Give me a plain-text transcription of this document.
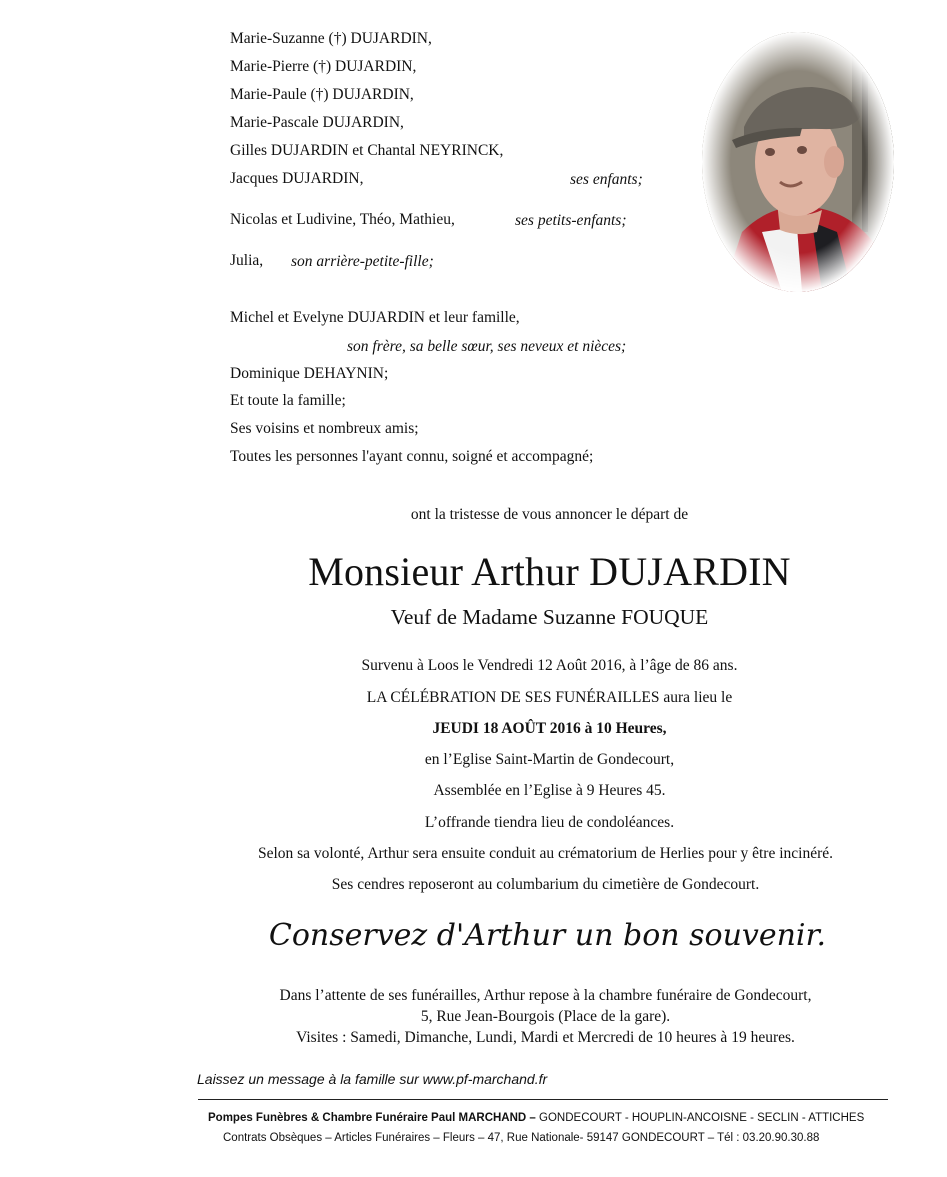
Marie-Suzanne (†) DUJARDIN,
Marie-Pierre (†) DUJARDIN,
Marie-Paule (†) DUJARDIN,
Marie-Pascale DUJARDIN,
Gilles DUJARDIN et Chantal NEYRINCK,
Jacques DUJARDIN,	ses enfants;
Nicolas et Ludivine, Théo, Mathieu,	ses petits-enfants;
Julia, son arrière-petite-fille;
Michel et Evelyne DUJARDIN et leur famille,
son frère, sa belle sœur, ses neveux et nièces;
Dominique DEHAYNIN;
Et toute la famille;
Ses voisins et nombreux amis;
Toutes les personnes l'ayant connu, soigné et accompagné;
ont la tristesse de vous annoncer le départ de
Monsieur Arthur DUJARDIN
Veuf de Madame Suzanne FOUQUE
Survenu à Loos le Vendredi 12 Août 2016, à l’âge de 86 ans.
LA CÉLÉBRATION DE SES FUNÉRAILLES aura lieu le
JEUDI 18 AOÛT 2016 à 10 Heures,
en l’Eglise Saint-Martin de Gondecourt,
Assemblée en l’Eglise à 9 Heures 45.
L’offrande tiendra lieu de condoléances.
Selon sa volonté, Arthur sera ensuite conduit au crématorium de Herlies pour y être incinéré.
Ses cendres reposeront au columbarium du cimetière de Gondecourt.
Conservez d'Arthur un bon souvenir.
Dans l’attente de ses funérailles, Arthur repose à la chambre funéraire de Gondecourt,
5, Rue Jean-Bourgois (Place de la gare).
Visites : Samedi, Dimanche, Lundi, Mardi et Mercredi de 10 heures à 19 heures.
Laissez un message à la famille sur www.pf-marchand.fr
Pompes Funèbres & Chambre Funéraire Paul MARCHAND – GONDECOURT - HOUPLIN-ANCOISNE - SECLIN - ATTICHES
Contrats Obsèques – Articles Funéraires – Fleurs – 47, Rue Nationale- 59147 GONDECOURT – Tél : 03.20.90.30.88
